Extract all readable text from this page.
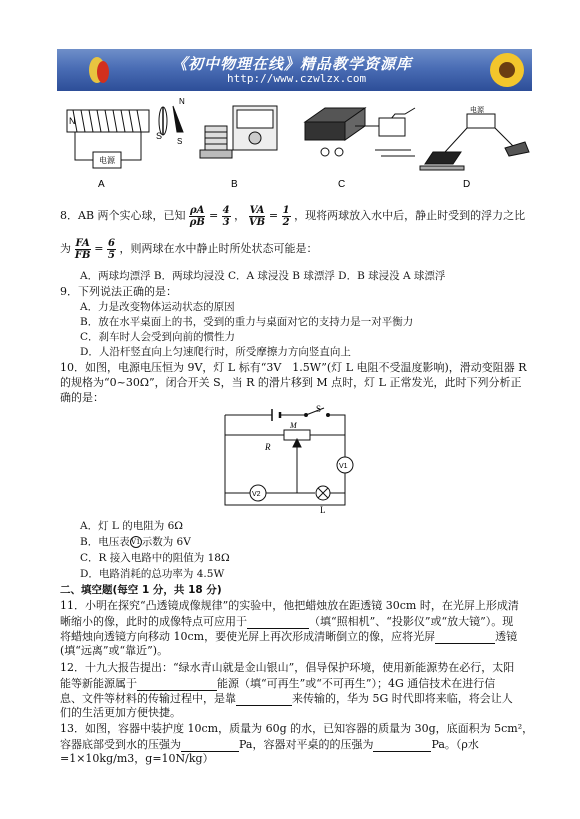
《初中物理在线》精品教学资源库
http://www.czwlzx.com
N
S
电源
N
S
电源
A	B	C	D
8．AB 两个实心球，已知 $\frac{\rho A}{\rho B} = \frac{4}{3}$ ， $\frac{VA}{VB} = \frac{1}{2}$ ，现将两球放入水中后，静止时受到的浮力之比
为 $\frac{FA}{FB} = \frac{6}{5}$ ，则两球在水中静止时所处状态可能是：
A．两球均漂浮 B．两球均浸没 C．A 球浸没 B 球漂浮 D．B 球浸没 A 球漂浮
9．下列说法正确的是：
A．力是改变物体运动状态的原因
B．放在水平桌面上的书，受到的重力与桌面对它的支持力是一对平衡力
C．刹车时人会受到向前的惯性力
D．人沿杆竖直向上匀速爬行时，所受摩擦力方向竖直向上
10．如图，电源电压恒为 9V，灯 L 标有“3V　1.5W”(灯 L 电阻不受温度影响)，滑动变阻器 R
的规格为“0~30Ω”，闭合开关 S，当 R 的滑片移到 M 点时，灯 L 正常发光，此时下列分析正
确的是：
S
M
R
V1
V2
L
A．灯 L 的电阻为 6Ω
B．电压表V1示数为 6V
C．R 接入电路中的阻值为 18Ω
D．电路消耗的总功率为 4.5W
二、填空题(每空 1 分，共 18 分)
11．小明在探究“凸透镜成像规律”的实验中，他把蜡烛放在距透镜 30cm 时，在光屏上形成清
晰缩小的像，此时的成像特点可应用于	（填“照相机”、“投影仪”或“放大镜”）。现
将蜡烛向透镜方向移动 10cm，要使光屏上再次形成清晰倒立的像，应将光屏	透镜
(填“远离”或“靠近”)。
12．十九大报告提出：“绿水青山就是金山银山”，倡导保护环境，使用新能源势在必行，太阳
能等新能源属于	能源（填“可再生”或“不可再生”）；4G 通信技术在进行信
息、文件等材料的传输过程中，是靠	来传输的，华为 5G 时代即将来临，将会让人
们的生活更加方便快捷。
13．如图，容器中装护度 10cm，质量为 60g 的水，已知容器的质量为 30g，底面积为 5cm²，
容器底部受到水的压强为	Pa，容器对平桌的的压强为	Pa。（ρ水
=1×10kg/m3，g=10N/kg）
